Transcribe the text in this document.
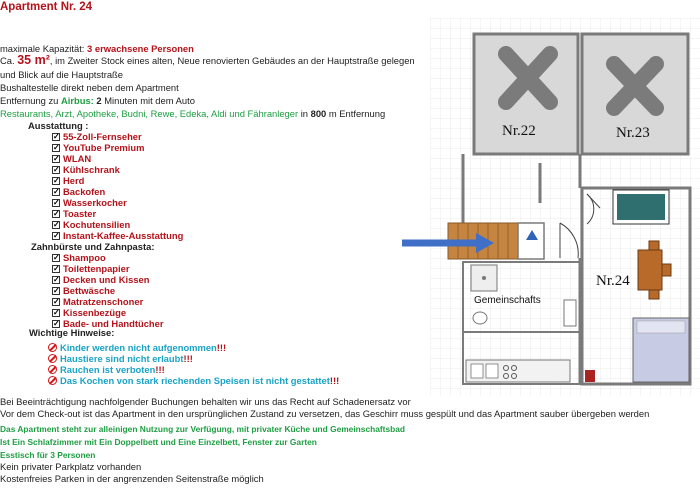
Apartment Nr. 24
maximale Kapazität: 3 erwachsene Personen
Ca. 35 m², im Zweiter Stock eines alten, Neue renovierten Gebäudes an der Hauptstraße gelegen
und Blick auf die Hauptstraße
Bushaltestelle direkt neben dem Apartment
Entfernung zu Airbus: 2 Minuten mit dem Auto
Restaurants, Arzt, Apotheke, Budni, Rewe, Edeka, Aldi und Fähranleger in 800 m Entfernung
Ausstattung :
✓55-Zoll-Fernseher
✓YouTube Premium
✓WLAN
✓Kühlschrank
✓Herd
✓Backofen
✓Wasserkocher
✓Toaster
✓Kochutensilien
✓Instant-Kaffee-Ausstattung
Zahnbürste und Zahnpasta:
✓Shampoo
✓Toilettenpapier
✓Decken und Kissen
✓Bettwäsche
✓Matratzenschoner
✓Kissenbezüge
✓Bade- und Handtücher
Wichtige Hinweise:
Kinder werden nicht aufgenommen!!!
Haustiere sind nicht erlaubt!!!
Rauchen ist verboten!!!
Das Kochen von stark riechenden Speisen ist nicht gestattet!!!
Bei Beeinträchtigung nachfolgender Buchungen behalten wir uns das Recht auf Schadenersatz vor
Vor dem Check-out ist das Apartment in den ursprünglichen Zustand zu versetzen, das Geschirr muss gespült und das Apartment sauber übergeben werden
Das Apartment steht zur alleinigen Nutzung zur Verfügung, mit privater Küche und Gemeinschaftsbad
Ist Ein Schlafzimmer mit Ein Doppelbett und Eine Einzelbett, Fenster zur Garten
Esstisch für 3 Personen
Kein privater Parkplatz vorhanden
Kostenfreies Parken in der angrenzenden Seitenstraße möglich
Nr.22	Nr.23
Nr.24
Gemeinschafts
